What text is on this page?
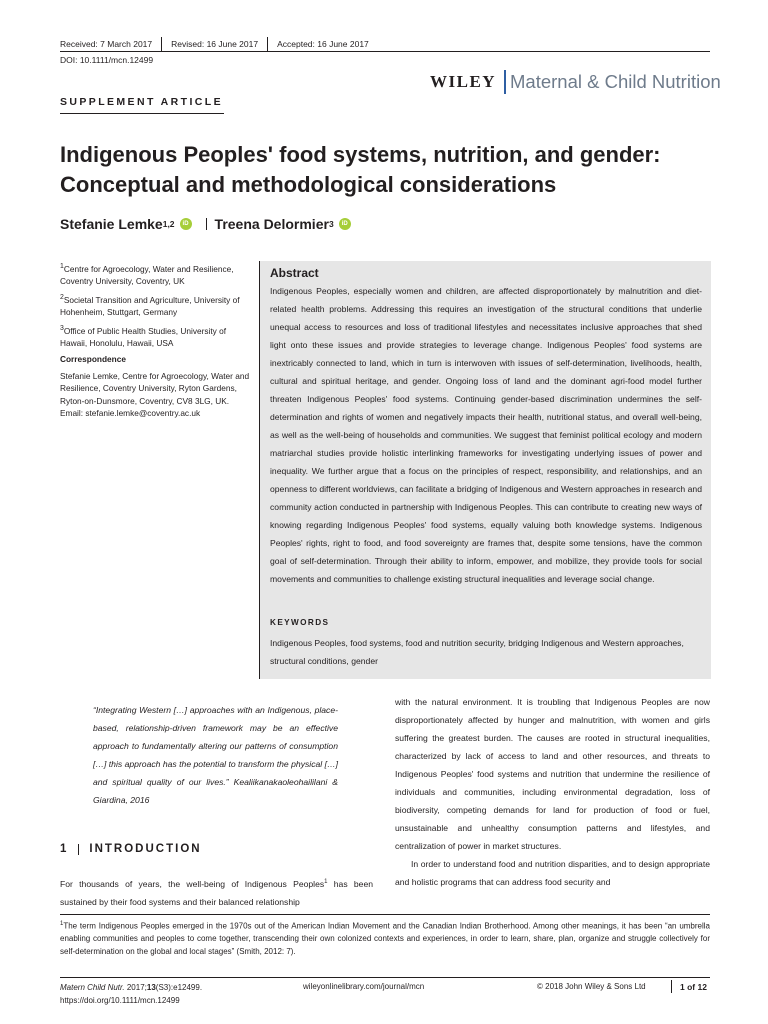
Received: 7 March 2017 Revised: 16 June 2017 Accepted: 16 June 2017
DOI: 10.1111/mcn.12499
WILEY Maternal & Child Nutrition
SUPPLEMENT ARTICLE
Indigenous Peoples' food systems, nutrition, and gender: Conceptual and methodological considerations
Stefanie Lemke 1,2	iD Treena Delormier 3	iD

$^1$Centre for Agroecology, Water and Resilience, Coventry University, Coventry, UK

$^2$Societal Transition and Agriculture, University of Hohenheim, Stuttgart, Germany

$^3$Office of Public Health Studies, University of Hawaii, Honolulu, Hawaii, USA

Correspondence

Stefanie Lemke, Centre for Agroecology, Water and Resilience, Coventry University, Ryton Gardens, Ryton-on-Dunsmore, Coventry, CV8 3LG, UK.
Email: stefanie.lemke@coventry.ac.uk

Abstract
Indigenous Peoples, especially women and children, are affected disproportionately by malnutrition and diet-related health problems. Addressing this requires an investigation of the structural conditions that underlie unequal access to resources and loss of traditional lifestyles and necessitates inclusive approaches that shed light onto these issues and provide strategies to leverage change. Indigenous Peoples' food systems are inextricably connected to land, which in turn is interwoven with issues of self-determination, livelihoods, health, cultural and spiritual heritage, and gender. Ongoing loss of land and the dominant agri-food model further threaten Indigenous Peoples' food systems. Continuing gender-based discrimination undermines the self-determination and rights of women and negatively impacts their health, nutritional status, and overall well-being, as well as the well-being of households and communities. We suggest that feminist political ecology and modern matriarchal studies provide holistic interlinking frameworks for investigating underlying issues of power and inequality. We further argue that a focus on the principles of respect, responsibility, and relationships, and an openness to different worldviews, can facilitate a bridging of Indigenous and Western approaches in research and community action conducted in partnership with Indigenous Peoples. This can contribute to creating new ways of knowing regarding Indigenous Peoples' food systems, equally valuing both knowledge systems. Indigenous Peoples' rights, right to food, and food sovereignty are frames that, despite some tensions, have the common goal of self-determination. Through their ability to inform, empower, and mobilize, they provide tools for social movements and communities to challenge existing structural inequalities and leverage social change.
KEYWORDS
Indigenous Peoples, food systems, food and nutrition security, bridging Indigenous and Western approaches, structural conditions, gender
“Integrating Western […] approaches with an Indigenous, place-based, relationship-driven framework may be an effective approach to fundamentally altering our patterns of consumption […] this approach has the potential to transform the physical […] and spiritual quality of our lives.” Kealiikanakaoleohaililani & Giardina, 2016
1 INTRODUCTION
For thousands of years, the well-being of Indigenous Peoples$^1$ has been sustained by their food systems and their balanced relationship

with the natural environment. It is troubling that Indigenous Peoples are now disproportionately affected by hunger and malnutrition, with women and girls suffering the greatest burden. The causes are rooted in structural inequalities, characterized by lack of access to land and other resources, and threats to Indigenous Peoples' food systems and nutrition that undermine the resilience of individuals and communities, including environmental degradation, loss of biodiversity, competing demands for land for production of food or fuel, unsustainable and unhealthy consumption patterns and lifestyles, and centralization of power in market structures.

In order to understand food and nutrition disparities, and to design appropriate and holistic programs that can address food security and

$^1$The term Indigenous Peoples emerged in the 1970s out of the American Indian Movement and the Canadian Indian Brotherhood. Among other meanings, it has been “an umbrella enabling communities and peoples to come together, transcending their own colonized contexts and experiences, in order to learn, share, plan, organize and struggle collectively for self-determination on the global and local stages” (Smith, 2012: 7).
Matern Child Nutr. 2017;13(S3):e12499.
https://doi.org/10.1111/mcn.12499
wileyonlinelibrary.com/journal/mcn	© 2018 John Wiley & Sons Ltd	1 of 12
